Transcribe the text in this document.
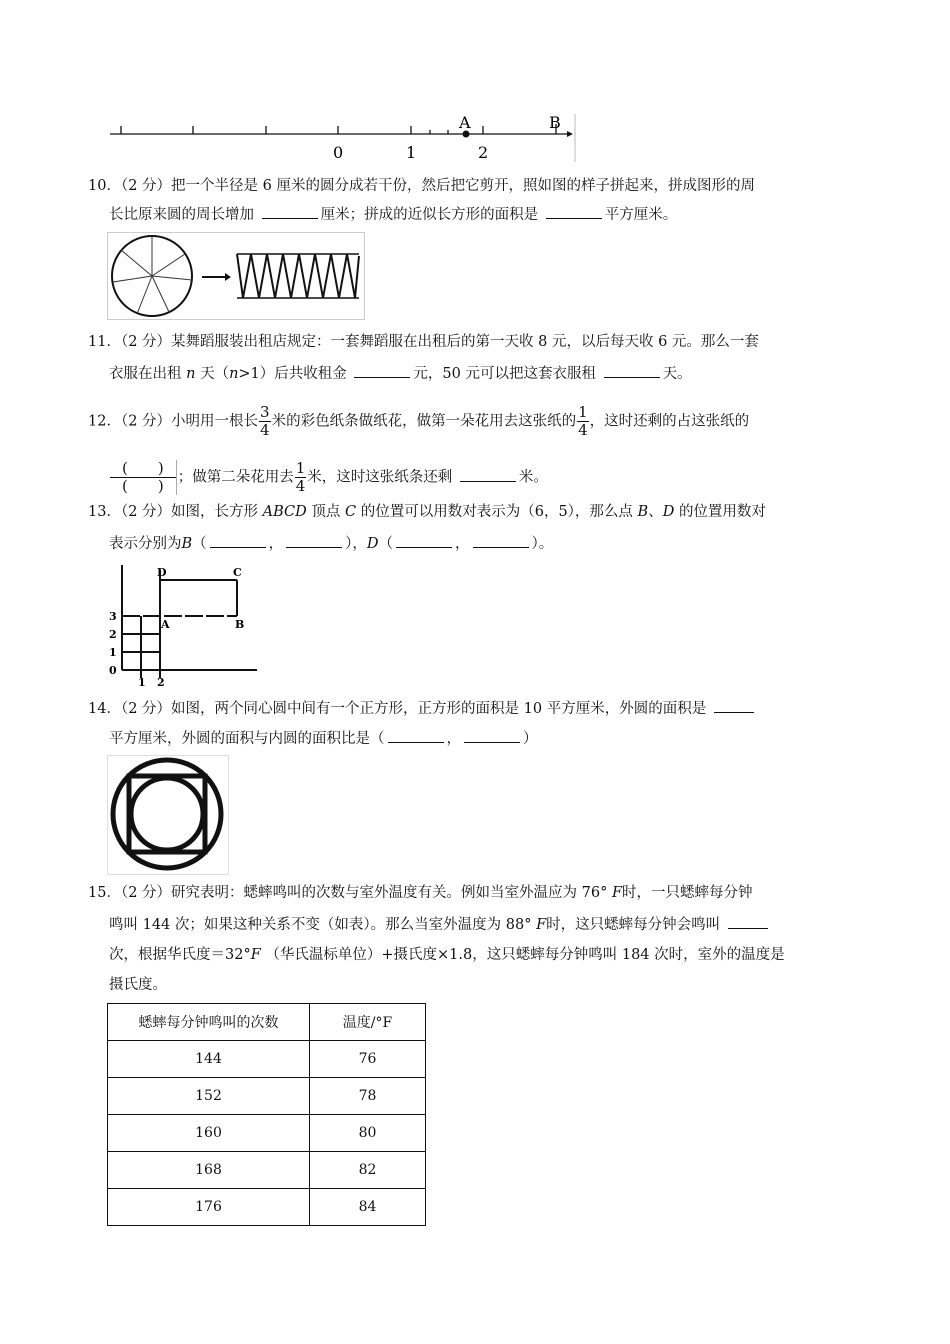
0	1	2
A	B
10．（2 分）把一个半径是 6 厘米的圆分成若干份，然后把它剪开，照如图的样子拼起来，拼成图形的周
长比原来圆的周长增加	厘米；拼成的近似长方形的面积是	平方厘米。
11．（2 分）某舞蹈服装出租店规定：一套舞蹈服在出租后的第一天收 8 元，以后每天收 6 元。那么一套
衣服在出租 n 天（n>1）后共收租金	元，50 元可以把这套衣服租	天。
12．（2 分）小明用一根长 $\frac{3}{4}$ 米的彩色纸条做纸花，做第一朵花用去这张纸的 $\frac{1}{4}$ ，这时还剩的占这张纸的
$\frac{( )}{( )}$ ；做第二朵花用去 $\frac{1}{4}$ 米，这时这张纸条还剩	米。
13．（2 分）如图，长方形 ABCD 顶点 C 的位置可以用数对表示为（6，5），那么点 B、D 的位置用数对
表示分别为B（	，	），D（	，	）。
D	C
A	B
3
2
1
0
1 2
14．（2 分）如图，两个同心圆中间有一个正方形，正方形的面积是 10 平方厘米，外圆的面积是
平方厘米，外圆的面积与内圆的面积比是（	，	）
15．（2 分）研究表明：蟋蟀鸣叫的次数与室外温度有关。例如当室外温应为 76° F时，一只蟋蟀每分钟
鸣叫 144 次；如果这种关系不变（如表）。那么当室外温度为 88° F时，这只蟋蟀每分钟会鸣叫
次，根据华氏度＝32°F （华氏温标单位）+摄氏度×1.8，这只蟋蟀每分钟鸣叫 184 次时，室外的温度是
摄氏度。
蟋蟀每分钟鸣叫的次数	温度/°F
144	76
152	78
160	80
168	82
176	84
